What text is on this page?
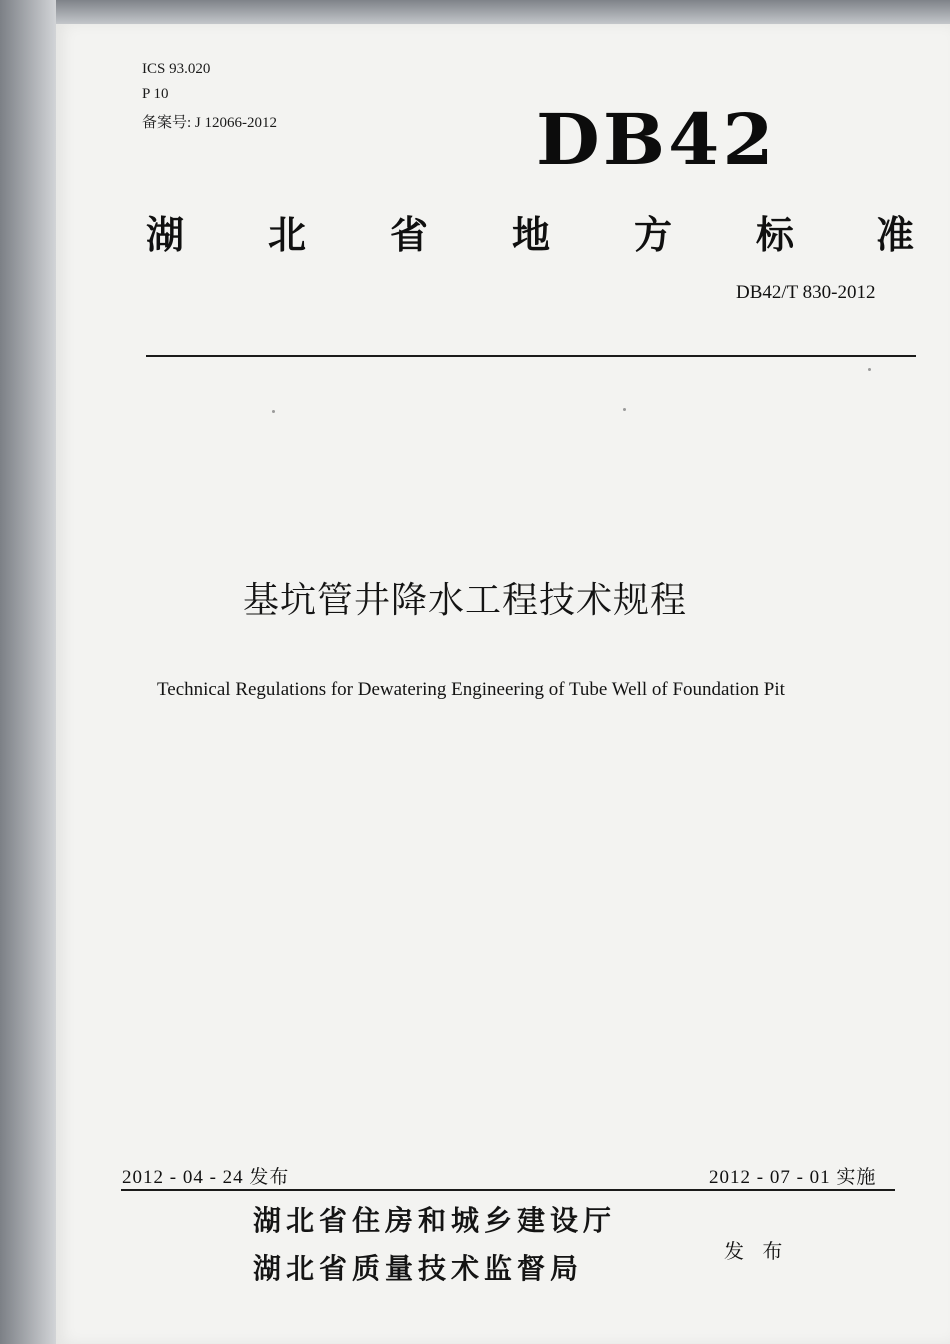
ICS 93.020
P 10
备案号: J 12066-2012	DB42
湖 北 省 地 方 标 准
DB42/T 830-2012
基坑管井降水工程技术规程
Technical Regulations for Dewatering Engineering of Tube Well of Foundation Pit
2012 - 04 - 24 发布	2012 - 07 - 01 实施
湖北省住房和城乡建设厅
湖北省质量技术监督局
发 布
